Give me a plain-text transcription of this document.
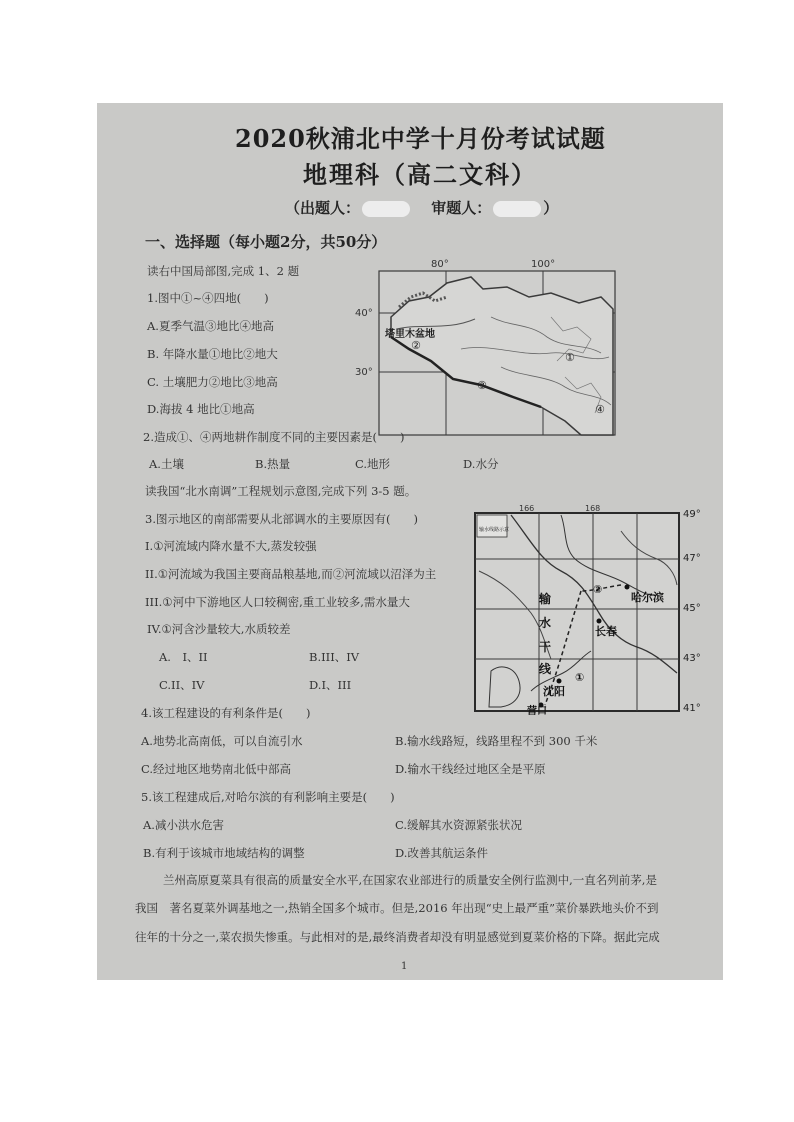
2020秋浦北中学十月份考试试题
地理科（高二文科）
（出题人：	审题人：	）
一、选择题（每小题2分，共50分）
读右中国局部图,完成 1、2 题
1.图中①~④四地(　　)
A.夏季气温③地比④地高
B. 年降水量①地比②地大
C. 土壤肥力②地比③地高
D.海拔 4 地比①地高
80°	100°
40°
30°
塔里木盆地
②
①
③
④
2.造成①、④两地耕作制度不同的主要因素是(　　)
A.土壤	B.热量	C.地形	D.水分
读我国“北水南调”工程规划示意图,完成下列 3-5 题。
3.图示地区的南部需要从北部调水的主要原因有(　　)
I.①河流域内降水量不大,蒸发较强
II.①河流域为我国主要商品粮基地,而②河流域以沼泽为主
III.①河中下游地区人口较稠密,重工业较多,需水量大
IV.①河含沙量较大,水质较差
A.　I、II	B.III、IV
C.II、IV	D.I、III
输水线路示意
166	168
49°
47°
45°
43°
41°
②
哈尔滨
长春
①
沈阳
营口
输
水
干
线
4.该工程建设的有利条件是(　　)
A.地势北高南低，可以自流引水	B.输水线路短，线路里程不到 300 千米
C.经过地区地势南北低中部高	D.输水干线经过地区全是平原
5.该工程建成后,对哈尔滨的有利影响主要是(　　)
A.减小洪水危害	C.缓解其水资源紧张状况
B.有利于该城市地域结构的调整	D.改善其航运条件
兰州高原夏菜具有很高的质量安全水平,在国家农业部进行的质量安全例行监测中,一直名列前茅,是
我国　著名夏菜外调基地之一,热销全国多个城市。但是,2016 年出现“史上最严重”菜价暴跌地头价不到
往年的十分之一,菜农损失惨重。与此相对的是,最终消费者却没有明显感觉到夏菜价格的下降。据此完成
1
